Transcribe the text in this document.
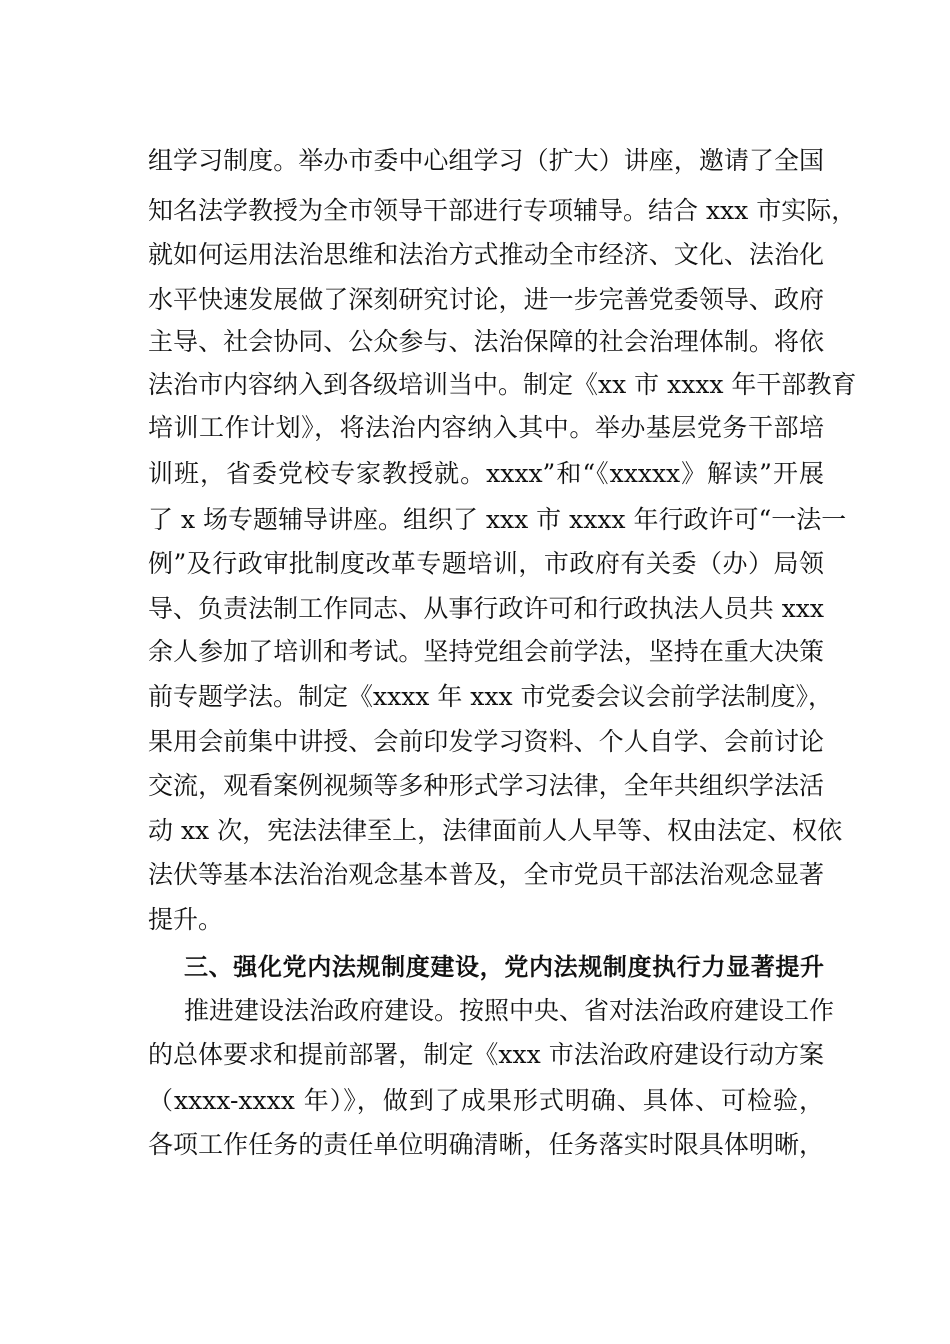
组学习制度。举办市委中心组学习（扩大）讲座，邀请了全国
知名法学教授为全市领导干部进行专项辅导。结合 xxx 市实际，
就如何运用法治思维和法治方式推动全市经济、文化、法治化
水平快速发展做了深刻研究讨论，进一步完善党委领导、政府
主导、社会协同、公众参与、法治保障的社会治理体制。将依
法治市内容纳入到各级培训当中。制定《xx 市 xxxx 年干部教育
培训工作计划》，将法治内容纳入其中。举办基层党务干部培
训班，省委党校专家教授就。xxxx”和“《xxxxx》解读”开展
了 x 场专题辅导讲座。组织了 xxx 市 xxxx 年行政许可“一法一
例”及行政审批制度改革专题培训，市政府有关委（办）局领
导、负责法制工作同志、从事行政许可和行政执法人员共 xxx
余人参加了培训和考试。坚持党组会前学法，坚持在重大决策
前专题学法。制定《xxxx 年 xxx 市党委会议会前学法制度》，
果用会前集中讲授、会前印发学习资料、个人自学、会前讨论
交流，观看案例视频等多种形式学习法律，全年共组织学法活
动 xx 次，宪法法律至上，法律面前人人早等、权由法定、权依
法伏等基本法治治观念基本普及，全市党员干部法治观念显著
提升。
三、强化党内法规制度建设，党内法规制度执行力显著提升
推进建设法治政府建设。按照中央、省对法治政府建设工作
的总体要求和提前部署，制定《xxx 市法治政府建设行动方案
（xxxx-xxxx 年）》，做到了成果形式明确、具体、可检验，
各项工作任务的责任单位明确清晰，任务落实时限具体明晰，
